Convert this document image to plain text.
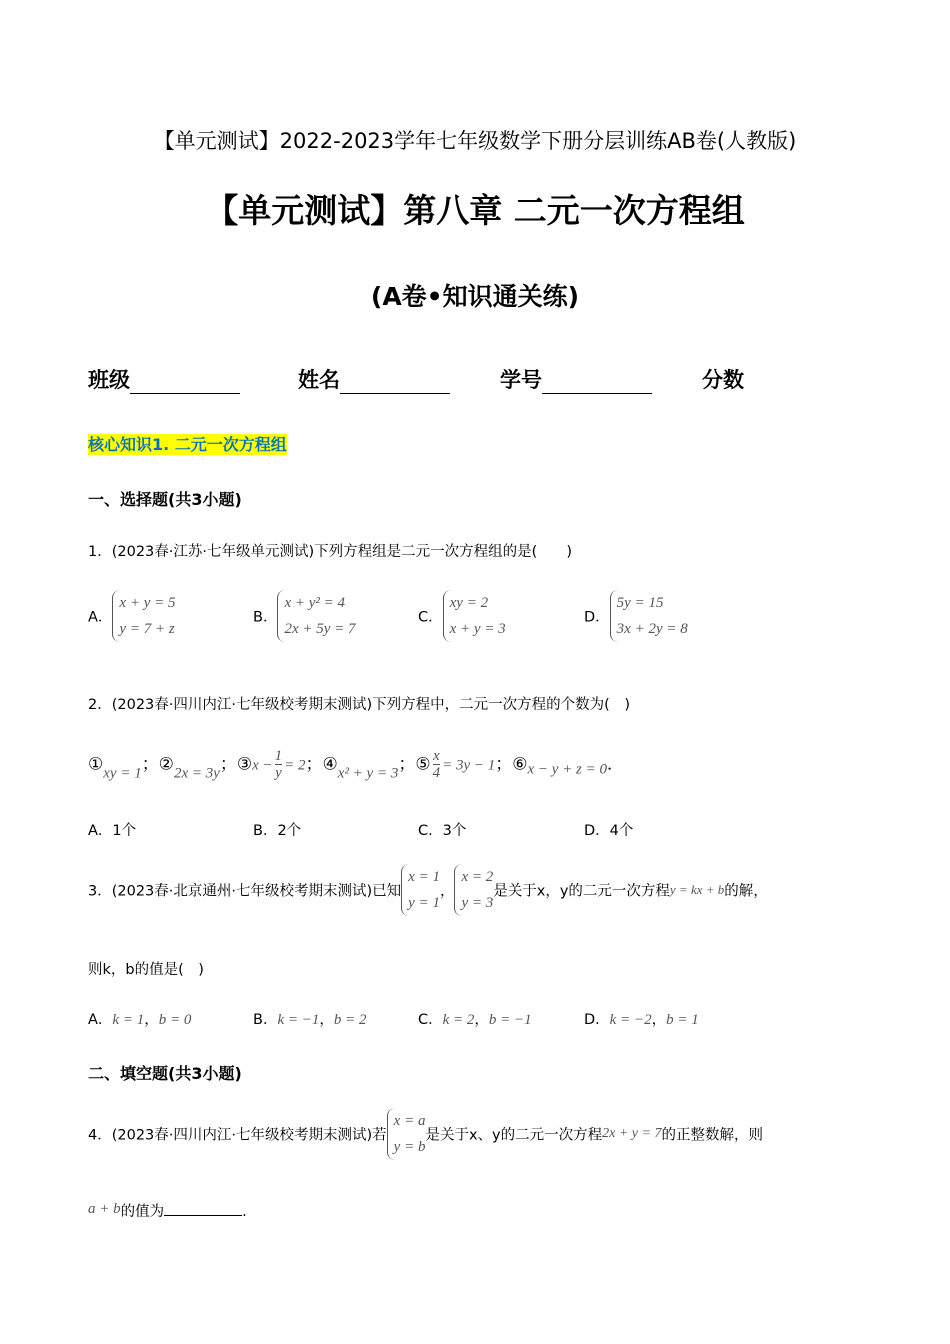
【单元测试】2022-2023学年七年级数学下册分层训练AB卷(人教版)
【单元测试】第八章 二元一次方程组
(A卷•知识通关练)
班级	姓名	学号	分数
核心知识1. 二元一次方程组
一、选择题(共3小题)
1．(2023春·江苏·七年级单元测试)下列方程组是二元一次方程组的是(　　)
A．
x + y = 5
y = 7 + z
B．
x + y² = 4
2x + 5y = 7
C．
xy = 2
x + y = 3
D．
5y = 15
3x + 2y = 8
2．(2023春·四川内江·七年级校考期末测试)下列方程中，二元一次方程的个数为(　)
①xy = 1；②2x = 3y；③x − $\frac{1}{y} = 2$；④x² + y = 3；⑤ $\frac{x}{4} = 3y - 1$；⑥x − y + z = 0．
A．1个	B．2个	C．3个	D．4个
3．(2023春·北京通州·七年级校考期末测试)已知
x = 1
y = 1
，
x = 2
y = 3
是关于x，y的二元一次方程y = kx + b的解，
则k，b的值是(　)
A．k = 1，b = 0	B．k = −1，b = 2	C．k = 2，b = −1	D．k = −2，b = 1
二、填空题(共3小题)
4．(2023春·四川内江·七年级校考期末测试)若
x = a
y = b
是关于x、y的二元一次方程2x + y = 7的正整数解，则
a + b的值为	.
